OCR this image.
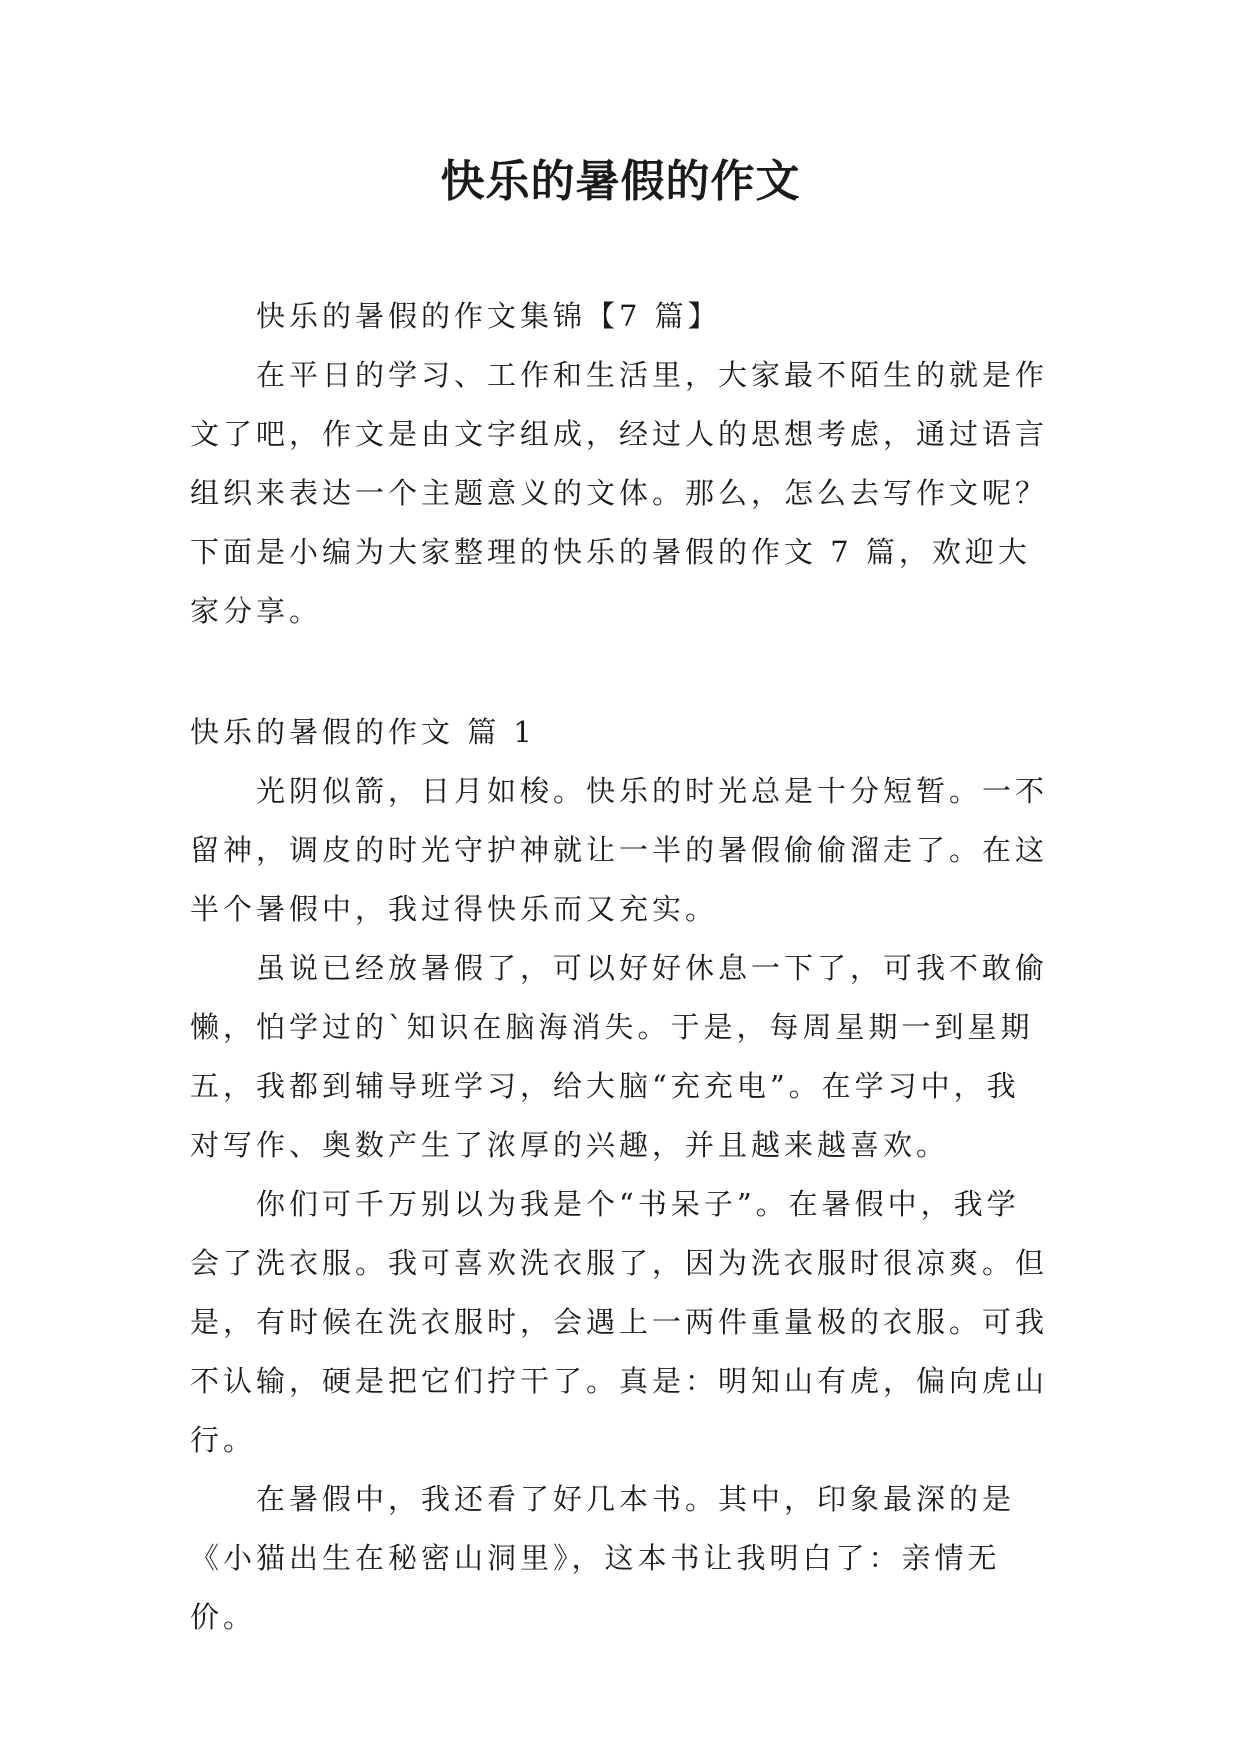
快乐的暑假的作文

快乐的暑假的作文集锦【7 篇】

在平日的学习、工作和生活里，大家最不陌生的就是作文了吧，作文是由文字组成，经过人的思想考虑，通过语言组织来表达一个主题意义的文体。那么，怎么去写作文呢？下面是小编为大家整理的快乐的暑假的作文 7 篇，欢迎大家分享。

快乐的暑假的作文 篇 1

光阴似箭，日月如梭。快乐的时光总是十分短暂。一不留神，调皮的时光守护神就让一半的暑假偷偷溜走了。在这半个暑假中，我过得快乐而又充实。

虽说已经放暑假了，可以好好休息一下了，可我不敢偷懒，怕学过的`知识在脑海消失。于是，每周星期一到星期五，我都到辅导班学习，给大脑“充充电”。在学习中，我对写作、奥数产生了浓厚的兴趣，并且越来越喜欢。

你们可千万别以为我是个“书呆子”。在暑假中，我学会了洗衣服。我可喜欢洗衣服了，因为洗衣服时很凉爽。但是，有时候在洗衣服时，会遇上一两件重量极的衣服。可我不认输，硬是把它们拧干了。真是：明知山有虎，偏向虎山行。

在暑假中，我还看了好几本书。其中，印象最深的是《小猫出生在秘密山洞里》，这本书让我明白了：亲情无价。
